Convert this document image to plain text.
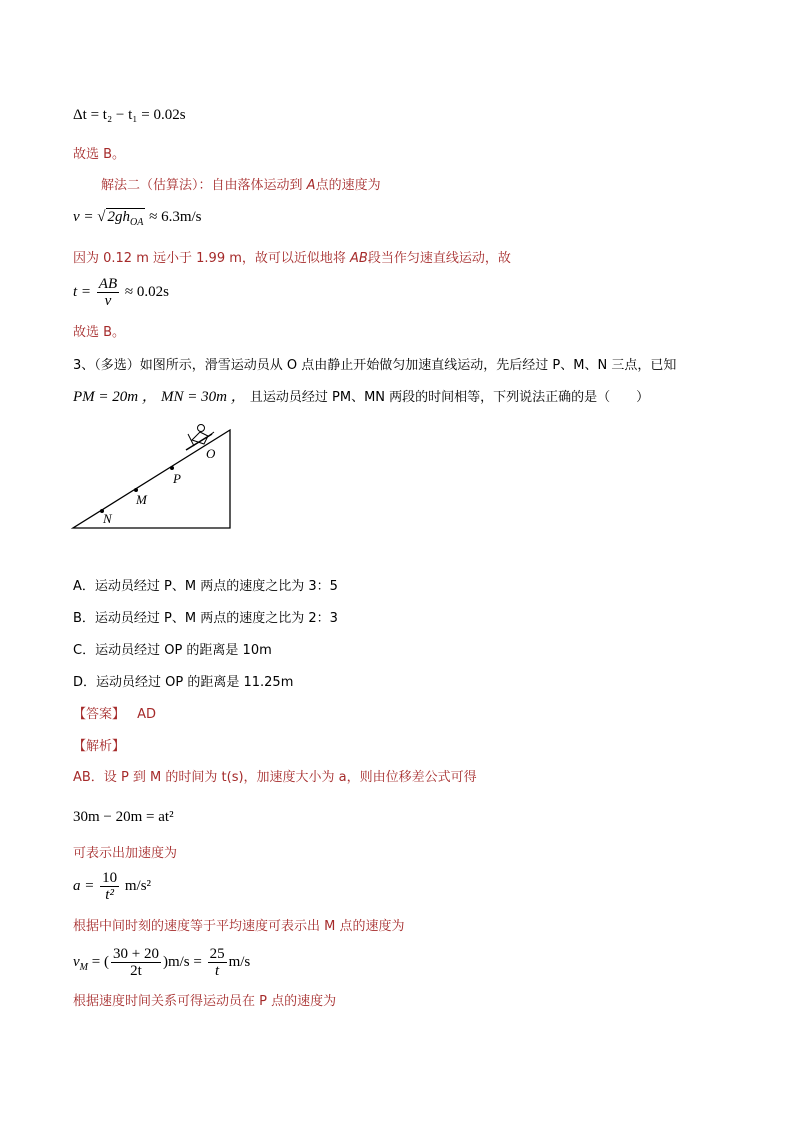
Δt = t₂ − t₁ = 0.02s
故选 B。
解法二（估算法）：自由落体运动到 A点的速度为
v = √ $2gh_{OA} \approx 6.3m/s$
因为 0.12 m 远小于 1.99 m，故可以近似地将 AB段当作匀速直线运动，故
$t = \frac{AB}{v} \approx 0.02s$
故选 B。
3、（多选）如图所示，滑雪运动员从 O 点由静止开始做匀加速直线运动，先后经过 P、M、N 三点，已知
PM = 20m ， MN = 30m ， 且运动员经过 PM、MN 两段的时间相等，下列说法正确的是（　　）
O
P
M
N
A．运动员经过 P、M 两点的速度之比为 3：5
B．运动员经过 P、M 两点的速度之比为 2：3
C．运动员经过 OP 的距离是 10m
D．运动员经过 OP 的距离是 11.25m
【答案】 AD
【解析】
AB．设 P 到 M 的时间为 t(s)，加速度大小为 a，则由位移差公式可得
30m − 20m = at²
可表示出加速度为
$a = \frac{10}{\text{t²}} m/s^2$
根据中间时刻的速度等于平均速度可表示出 M 点的速度为
$v_M$ = ( $\frac{30 + 20}{2t} )m/s = \frac{25}{t} m/s$
根据速度时间关系可得运动员在 P 点的速度为
